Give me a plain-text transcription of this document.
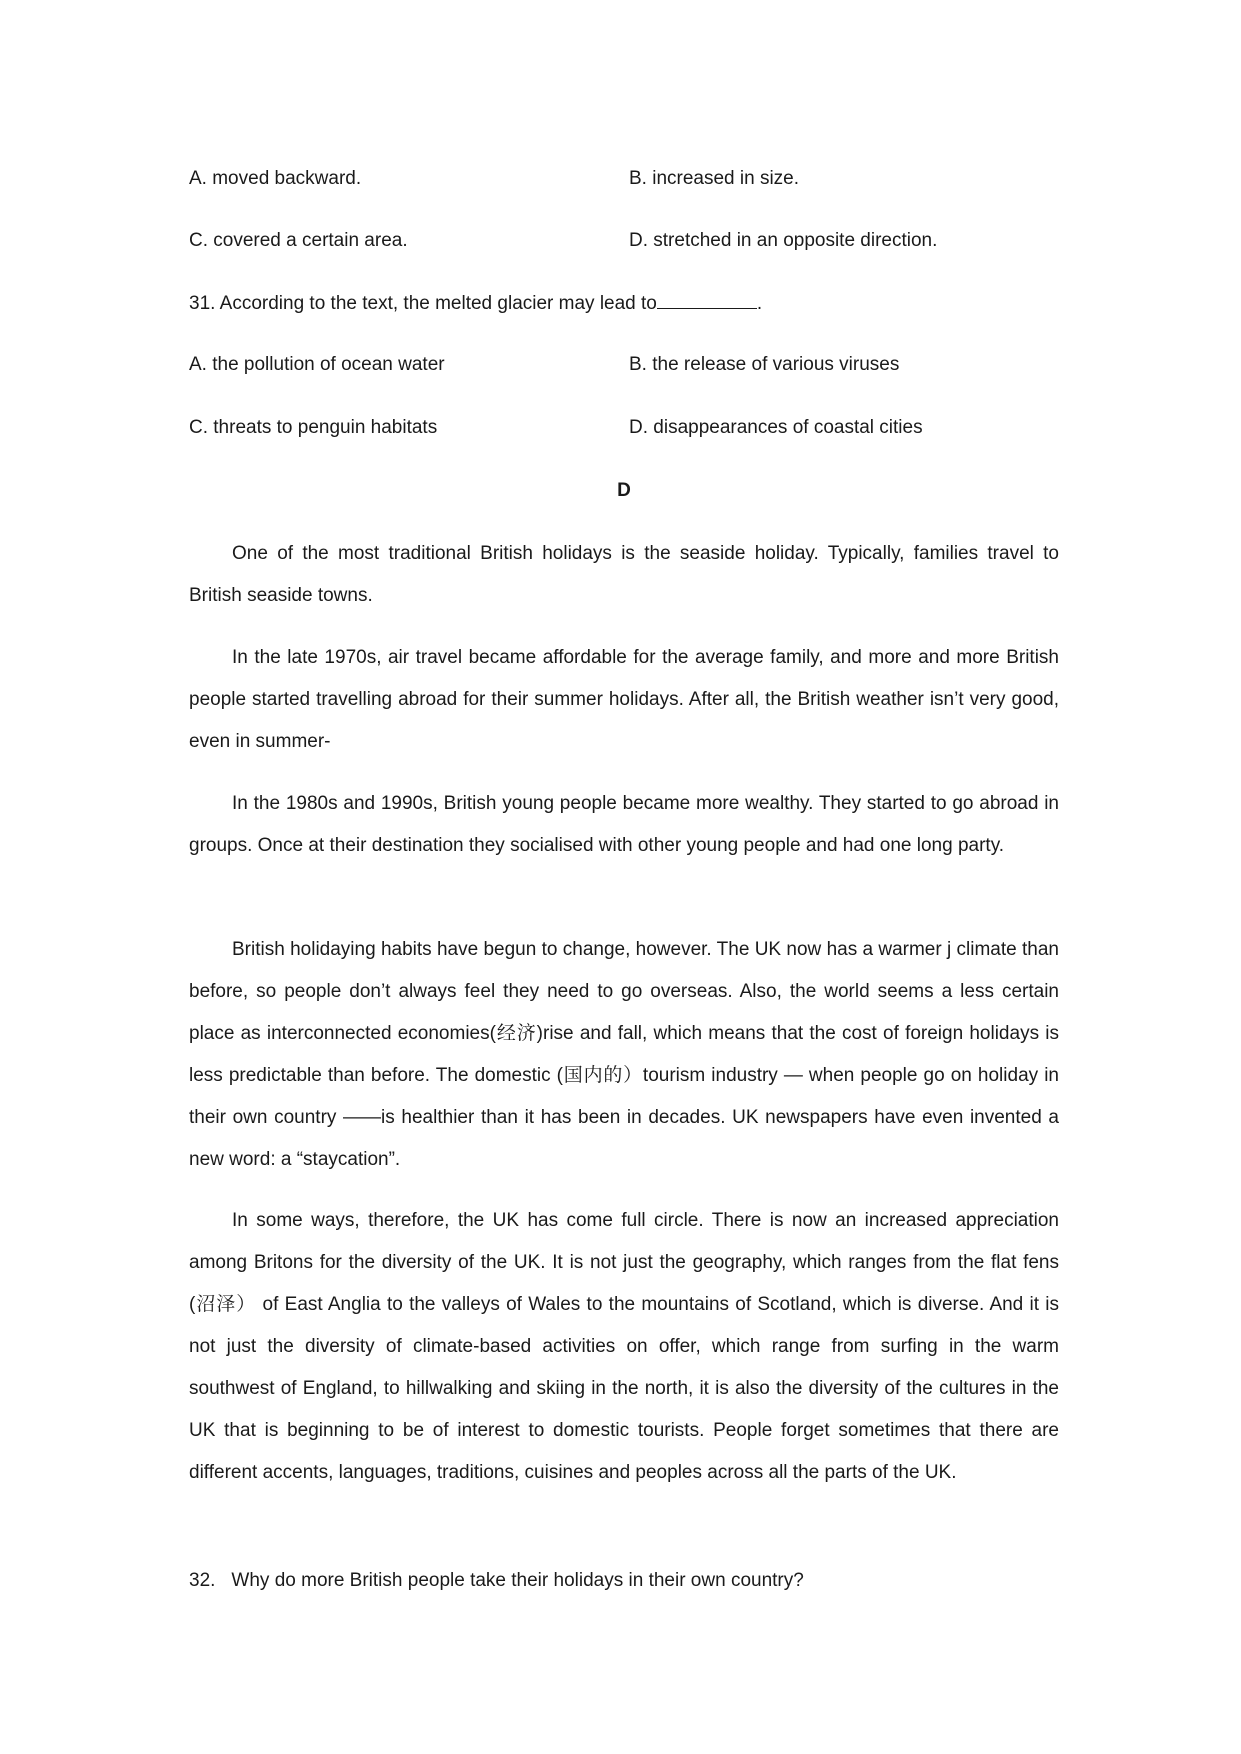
A. moved backward.	B. increased in size.
C. covered a certain area.	D. stretched in an opposite direction.
31. According to the text, the melted glacier may lead to	.
A. the pollution of ocean water	B. the release of various viruses
C. threats to penguin habitats	D. disappearances of coastal cities
D

One of the most traditional British holidays is the seaside holiday. Typically, families travel to British seaside towns.

In the late 1970s, air travel became affordable for the average family, and more and more British people started travelling abroad for their summer holidays. After all, the British weather isn’t very good, even in summer-

In the 1980s and 1990s, British young people became more wealthy. They started to go abroad in groups. Once at their destination they socialised with other young people and had one long party.

British holidaying habits have begun to change, however. The UK now has a warmer j climate than before, so people don’t always feel they need to go overseas. Also, the world seems a less certain place as interconnected economies(经济)rise and fall, which means that the cost of foreign holidays is less predictable than before. The domestic (国内的）tourism industry — when people go on holiday in their own country ——is healthier than it has been in decades. UK newspapers have even invented a new word: a “staycation”.

In some ways, therefore, the UK has come full circle. There is now an increased appreciation among Britons for the diversity of the UK. It is not just the geography, which ranges from the flat fens (沼泽） of East Anglia to the valleys of Wales to the mountains of Scotland, which is diverse. And it is not just the diversity of climate-based activities on offer, which range from surfing in the warm southwest of England, to hillwalking and skiing in the north, it is also the diversity of the cultures in the UK that is beginning to be of interest to domestic tourists. People forget sometimes that there are different accents, languages, traditions, cuisines and peoples across all the parts of the UK.

32. Why do more British people take their holidays in their own country?
